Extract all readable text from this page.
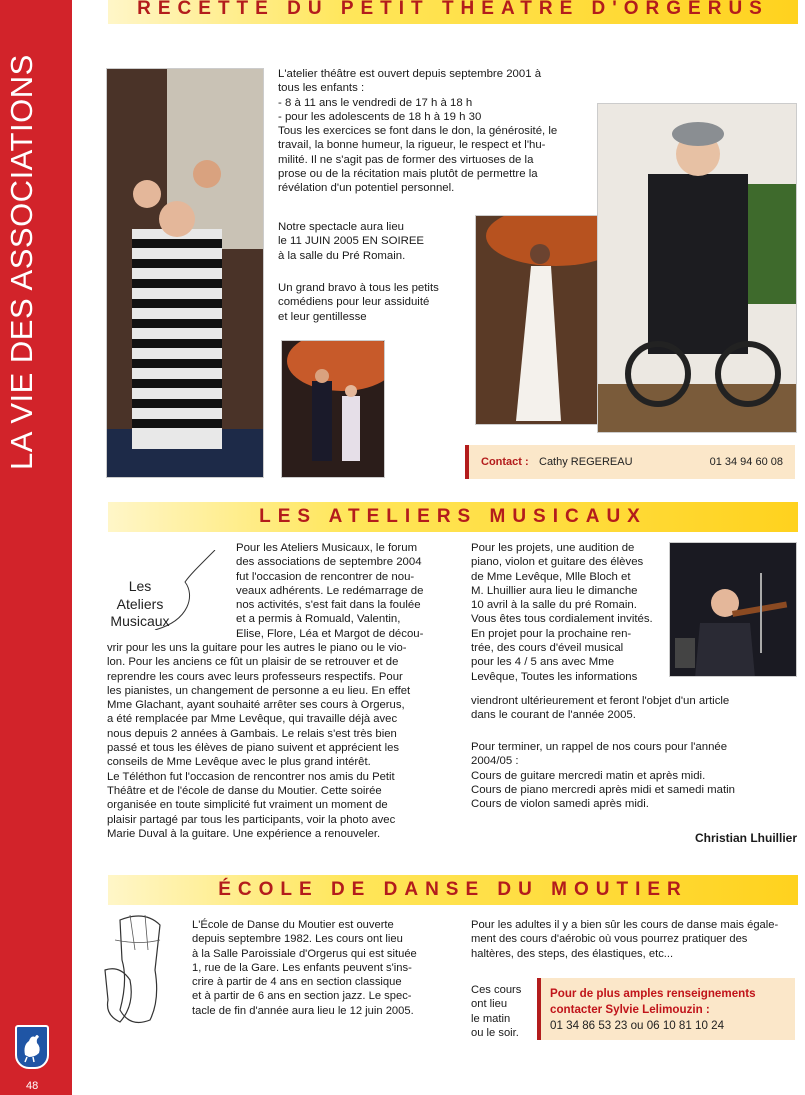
LA VIE DES ASSOCIATIONS
48
RECETTE DU PETIT THEATRE D'ORGERUS

L'atelier théâtre est ouvert depuis septembre 2001 à

tous les enfants :

- 8 à 11 ans le vendredi de 17 h à 18 h

- pour les adolescents de 18 h à 19 h 30

Tous les exercices se font dans le don, la générosité, le

travail, la bonne humeur, la rigueur, le respect et l'hu-

milité. Il ne s'agit pas de former des virtuoses de la

prose ou de la récitation mais plutôt de permettre la

révélation d'un potentiel personnel.

Notre spectacle aura lieu

le 11 JUIN 2005 EN SOIREE

à la salle du Pré Romain.

Un grand bravo à tous les petits

comédiens pour leur assiduité

et leur gentillesse

Contact : Cathy REGEREAU	01 34 94 60 08
LES ATELIERS MUSICAUX
Les
Ateliers
Musicaux

Pour les Ateliers Musicaux, le forum

des associations de septembre 2004

fut l'occasion de rencontrer de nou-

veaux adhérents. Le redémarrage de

nos activités, s'est fait dans la foulée

et a permis à Romuald, Valentin,

Elise, Flore, Léa et Margot de décou-

vrir pour les uns la guitare pour les autres le piano ou le vio-

lon. Pour les anciens ce fût un plaisir de se retrouver et de

reprendre les cours avec leurs professeurs respectifs. Pour

les pianistes, un changement de personne a eu lieu. En effet

Mme Glachant, ayant souhaité arrêter ses cours à Orgerus,

a été remplacée par Mme Levêque, qui travaille déjà avec

nous depuis 2 années à Gambais. Le relais s'est très bien

passé et tous les élèves de piano suivent et apprécient les

conseils de Mme Levêque avec le plus grand intérêt.

Le Téléthon fut l'occasion de rencontrer nos amis du Petit

Théâtre et de l'école de danse du Moutier. Cette soirée

organisée en toute simplicité fut vraiment un moment de

plaisir partagé par tous les participants, voir la photo avec

Marie Duval à la guitare. Une expérience a renouveler.

Pour les projets, une audition de

piano, violon et guitare des élèves

de Mme Levêque, Mlle Bloch et

M. Lhuillier aura lieu le dimanche

10 avril à la salle du pré Romain.

Vous êtes tous cordialement invités.

En projet pour la prochaine ren-

trée, des cours d'éveil musical

pour les 4 / 5 ans avec Mme

Levêque, Toutes les informations

viendront ultérieurement et feront l'objet d'un article

dans le courant de l'année 2005.

Pour terminer, un rappel de nos cours pour l'année

2004/05 :

Cours de guitare mercredi matin et après midi.

Cours de piano mercredi après midi et samedi matin

Cours de violon samedi après midi.

Christian Lhuillier
ÉCOLE DE DANSE DU MOUTIER

L'École de Danse du Moutier est ouverte

depuis septembre 1982. Les cours ont lieu

à la Salle Paroissiale d'Orgerus qui est située

1, rue de la Gare. Les enfants peuvent s'ins-

crire à partir de 4 ans en section classique

et à partir de 6 ans en section jazz. Le spec-

tacle de fin d'année aura lieu le 12 juin 2005.

Pour les adultes il y a bien sûr les cours de danse mais égale-

ment des cours d'aérobic où vous pourrez pratiquer des

haltères, des steps, des élastiques, etc...

Ces cours

ont lieu

le matin

ou le soir.

Pour de plus amples renseignements
contacter Sylvie Lelimouzin :
01 34 86 53 23 ou 06 10 81 10 24
